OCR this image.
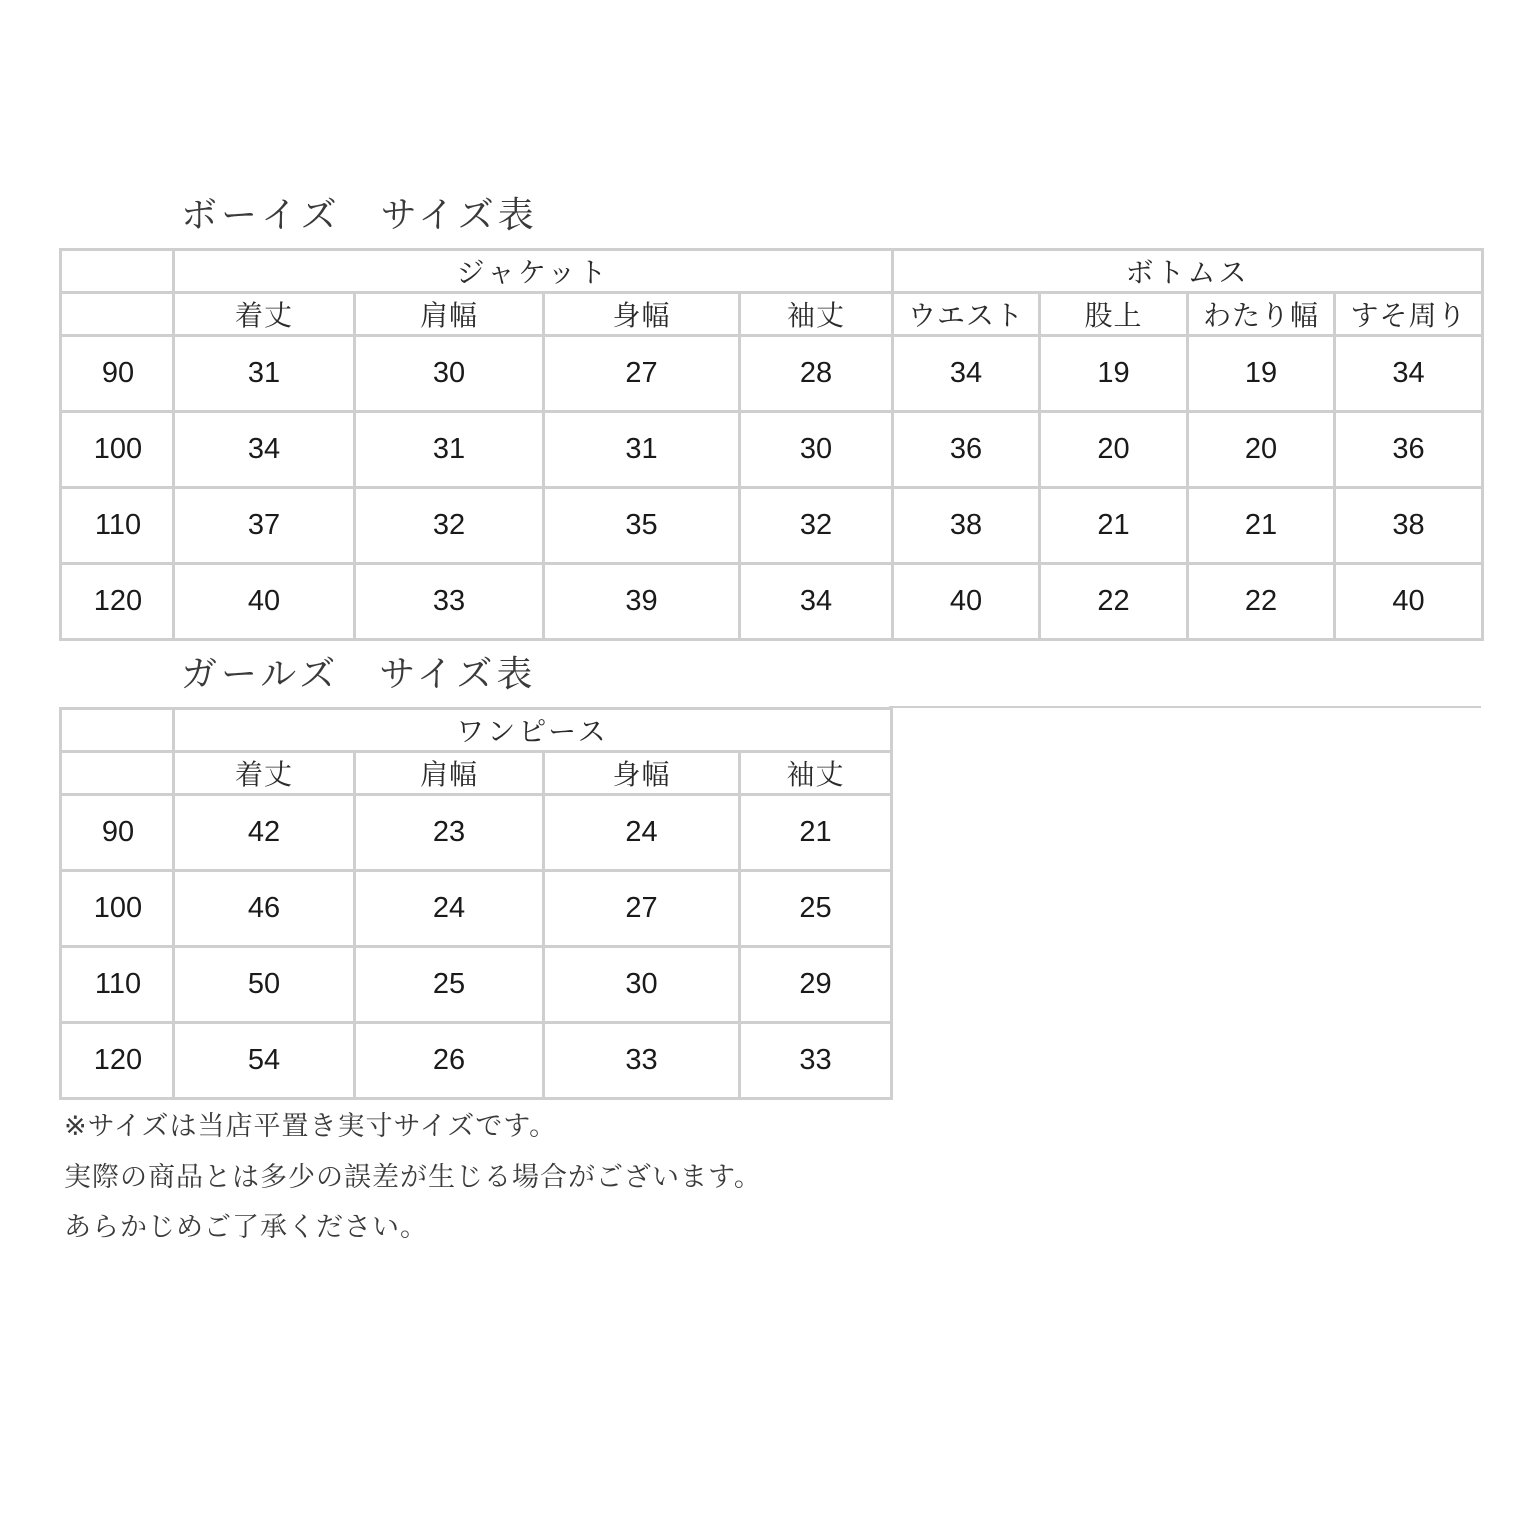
ボーイズ　サイズ表
	ジャケット				ボトムス			
	着丈	肩幅	身幅	袖丈	ウエスト	股上	わたり幅	すそ周り
90	31	30	27	28	34	19	19	34
100	34	31	31	30	36	20	20	36
110	37	32	35	32	38	21	21	38
120	40	33	39	34	40	22	22	40
ガールズ　サイズ表
	ワンピース			
	着丈	肩幅	身幅	袖丈
90	42	23	24	21
100	46	24	27	25
110	50	25	30	29
120	54	26	33	33
※サイズは当店平置き実寸サイズです。
実際の商品とは多少の誤差が生じる場合がございます。
あらかじめご了承ください。
